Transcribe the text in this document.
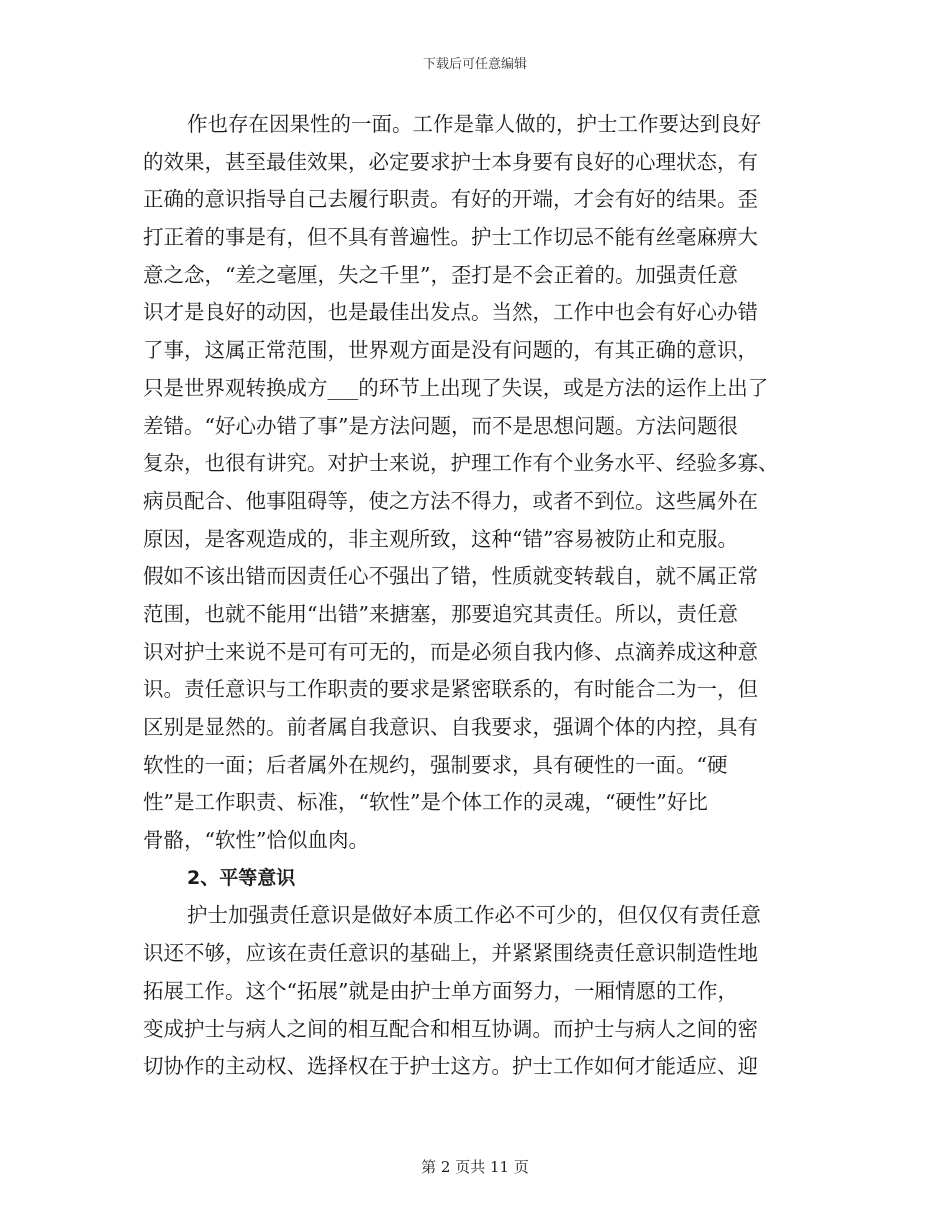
下载后可任意编辑
作也存在因果性的一面。工作是靠人做的，护士工作要达到良好
的效果，甚至最佳效果，必定要求护士本身要有良好的心理状态，有
正确的意识指导自己去履行职责。有好的开端，才会有好的结果。歪
打正着的事是有，但不具有普遍性。护士工作切忌不能有丝毫麻痹大
意之念，“差之毫厘，失之千里”，歪打是不会正着的。加强责任意
识才是良好的动因，也是最佳出发点。当然，工作中也会有好心办错
了事，这属正常范围，世界观方面是没有问题的，有其正确的意识，
只是世界观转换成方___的环节上出现了失误，或是方法的运作上出了
差错。“好心办错了事”是方法问题，而不是思想问题。方法问题很
复杂，也很有讲究。对护士来说，护理工作有个业务水平、经验多寡、
病员配合、他事阻碍等，使之方法不得力，或者不到位。这些属外在
原因，是客观造成的，非主观所致，这种“错”容易被防止和克服。
假如不该出错而因责任心不强出了错，性质就变转载自，就不属正常
范围，也就不能用“出错”来搪塞，那要追究其责任。所以，责任意
识对护士来说不是可有可无的，而是必须自我内修、点滴养成这种意
识。责任意识与工作职责的要求是紧密联系的，有时能合二为一，但
区别是显然的。前者属自我意识、自我要求，强调个体的内控，具有
软性的一面；后者属外在规约，强制要求，具有硬性的一面。“硬
性”是工作职责、标准，“软性”是个体工作的灵魂，“硬性”好比
骨骼，“软性”恰似血肉。
2、平等意识
护士加强责任意识是做好本质工作必不可少的，但仅仅有责任意
识还不够，应该在责任意识的基础上，并紧紧围绕责任意识制造性地
拓展工作。这个“拓展”就是由护士单方面努力，一厢情愿的工作，
变成护士与病人之间的相互配合和相互协调。而护士与病人之间的密
切协作的主动权、选择权在于护士这方。护士工作如何才能适应、迎
第 2 页共 11 页
